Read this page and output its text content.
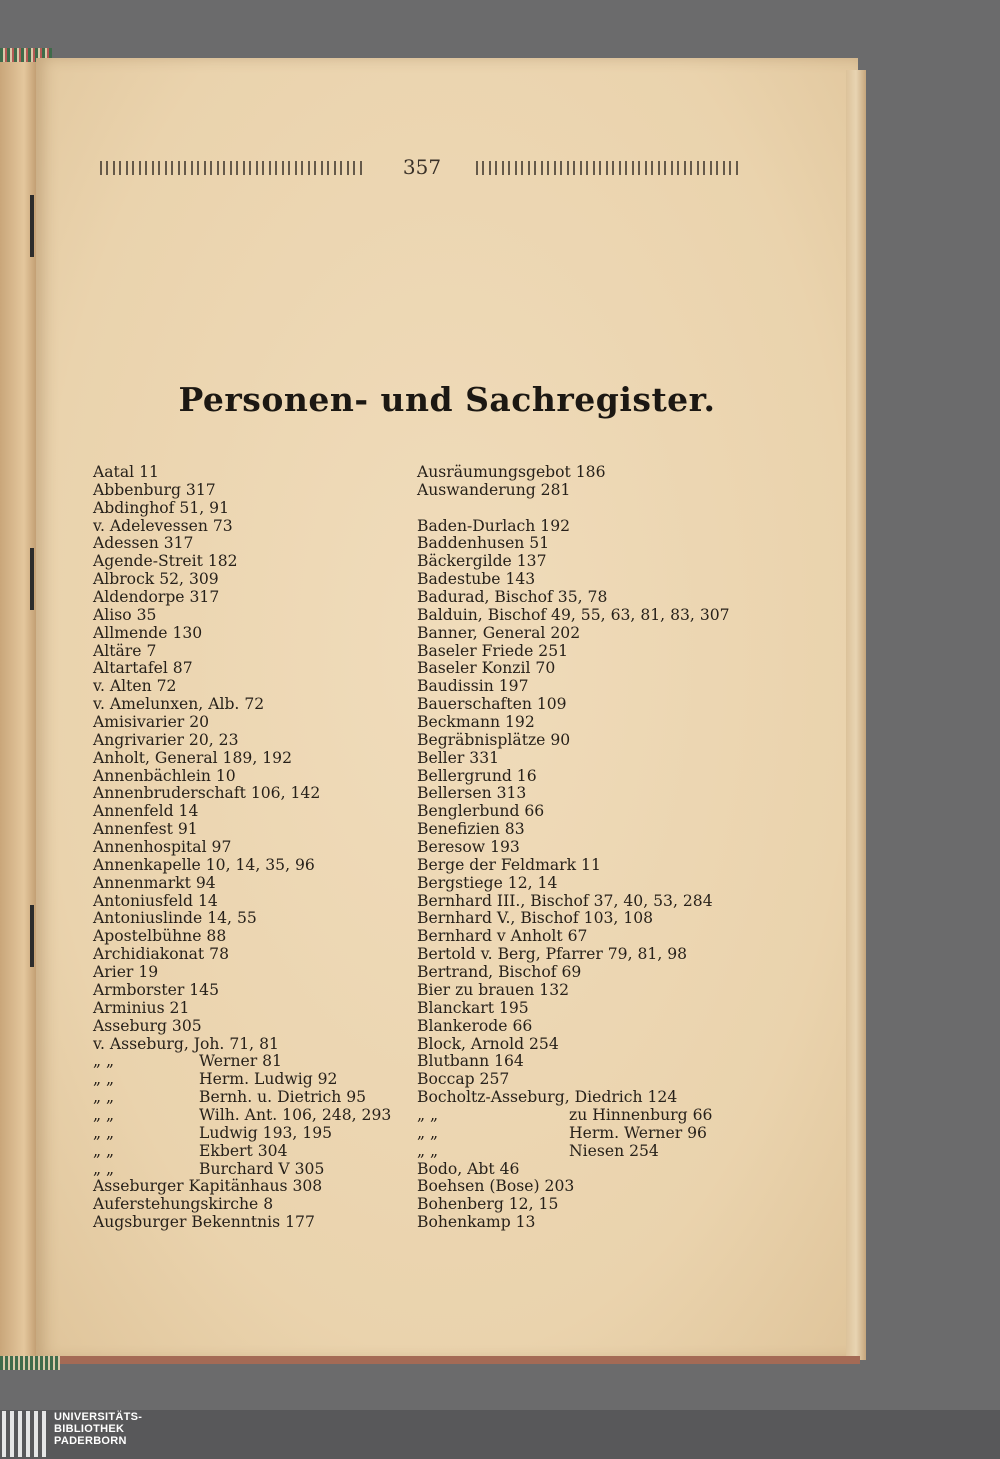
357
Personen- und Sachregister.
Aatal 11
Abbenburg 317
Abdinghof 51, 91
v. Adelevessen 73
Adessen 317
Agende-Streit 182
Albrock 52, 309
Aldendorpe 317
Aliso 35
Allmende 130
Altäre 7
Altartafel 87
v. Alten 72
v. Amelunxen, Alb. 72
Amisivarier 20
Angrivarier 20, 23
Anholt, General 189, 192
Annenbächlein 10
Annenbruderschaft 106, 142
Annenfeld 14
Annenfest 91
Annenhospital 97
Annenkapelle 10, 14, 35, 96
Annenmarkt 94
Antoniusfeld 14
Antoniuslinde 14, 55
Apostelbühne 88
Archidiakonat 78
Arier 19
Armborster 145
Arminius 21
Asseburg 305
v. Asseburg, Joh. 71, 81
„ „	Werner 81
„ „	Herm. Ludwig 92
„ „	Bernh. u. Dietrich 95
„ „	Wilh. Ant. 106, 248, 293
„ „	Ludwig 193, 195
„ „	Ekbert 304
„ „	Burchard V 305
Asseburger Kapitänhaus 308
Auferstehungskirche 8
Augsburger Bekenntnis 177
Ausräumungsgebot 186
Auswanderung 281
Baden-Durlach 192
Baddenhusen 51
Bäckergilde 137
Badestube 143
Badurad, Bischof 35, 78
Balduin, Bischof 49, 55, 63, 81, 83, 307
Banner, General 202
Baseler Friede 251
Baseler Konzil 70
Baudissin 197
Bauerschaften 109
Beckmann 192
Begräbnisplätze 90
Beller 331
Bellergrund 16
Bellersen 313
Benglerbund 66
Benefizien 83
Beresow 193
Berge der Feldmark 11
Bergstiege 12, 14
Bernhard III., Bischof 37, 40, 53, 284
Bernhard V., Bischof 103, 108
Bernhard v Anholt 67
Bertold v. Berg, Pfarrer 79, 81, 98
Bertrand, Bischof 69
Bier zu brauen 132
Blanckart 195
Blankerode 66
Block, Arnold 254
Blutbann 164
Boccap 257
Bocholtz-Asseburg, Diedrich 124
„ „	zu Hinnenburg 66
„ „	Herm. Werner 96
„ „	Niesen 254
Bodo, Abt 46
Boehsen (Bose) 203
Bohenberg 12, 15
Bohenkamp 13
UNIVERSITÄTS-
BIBLIOTHEK
PADERBORN
